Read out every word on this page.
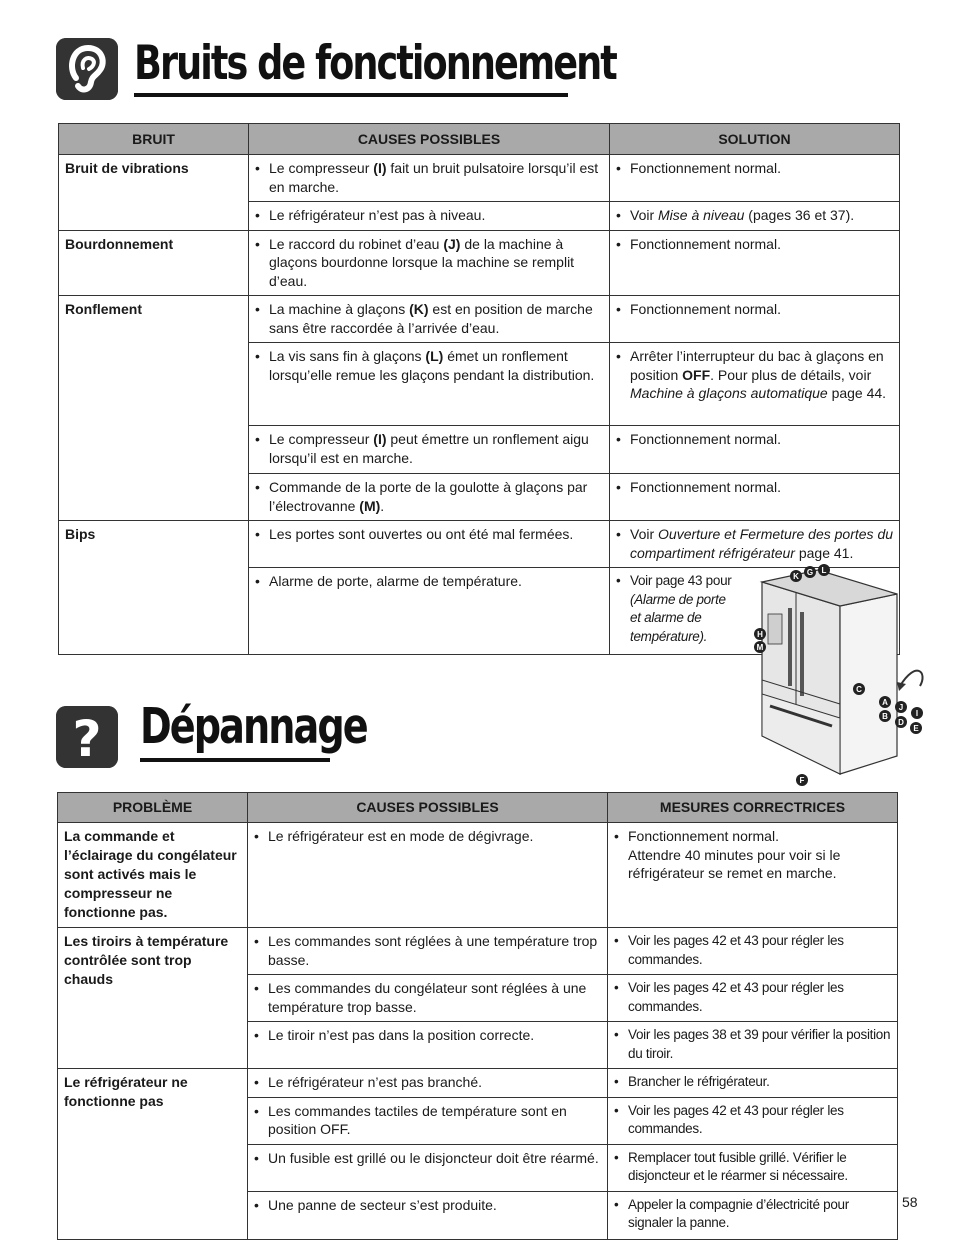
Bruits de fonctionnement
BRUIT	CAUSES POSSIBLES	SOLUTION
Bruit de vibrations	• Le compresseur (I) fait un bruit pulsatoire lorsqu’il est en marche.	• Fonctionnement normal.

	• Le réfrigérateur n’est pas à niveau.	• Voir Mise à niveau (pages 36 et 37).

Bourdonnement	• Le raccord du robinet d’eau (J) de la machine à glaçons bourdonne lorsque la machine se remplit d’eau.	• Fonctionnement normal.

Ronflement	• La machine à glaçons (K) est en position de marche sans être raccordée à l’arrivée d’eau.	• Fonctionnement normal.

	• La vis sans fin à glaçons (L) émet un ronflement lorsqu’elle remue les glaçons pendant la distribution.	• Arrêter l’interrupteur du bac à glaçons en position OFF. Pour plus de détails, voir Machine à glaçons automatique page 44.

	• Le compresseur (I) peut émettre un ronflement aigu lorsqu’il est en marche.	• Fonctionnement normal.

	• Commande de la porte de la goulotte à glaçons par l’électrovanne (M).	• Fonctionnement normal.

Bips	• Les portes sont ouvertes ou ont été mal fermées.	• Voir Ouverture et Fermeture des portes du compartiment réfrigérateur page 41.

	• Alarme de porte, alarme de température.	• Voir page 43 pour (Alarme de porte et alarme de température).
K G L
H
M
C
A
J
I
B
D
E
F
? Dépannage
PROBLÈME	CAUSES POSSIBLES	MESURES CORRECTRICES
La commande et l’éclairage du congélateur sont activés mais le compresseur ne fonctionne pas.	• Le réfrigérateur est en mode de dégivrage.	• Fonctionnement normal.
Attendre 40 minutes pour voir si le réfrigérateur se remet en marche.

Les tiroirs à température contrôlée sont trop chauds	• Les commandes sont réglées à une température trop basse.	• Voir les pages 42 et 43 pour régler les commandes.

	• Les commandes du congélateur sont réglées à une température trop basse.	• Voir les pages 42 et 43 pour régler les commandes.

	• Le tiroir n’est pas dans la position correcte.	• Voir les pages 38 et 39 pour vérifier la position du tiroir.

Le réfrigérateur ne fonctionne pas	• Le réfrigérateur n’est pas branché.	• Brancher le réfrigérateur.

	• Les commandes tactiles de température sont en position OFF.	• Voir les pages 42 et 43 pour régler les commandes.

	• Un fusible est grillé ou le disjoncteur doit être réarmé.	• Remplacer tout fusible grillé. Vérifier le disjoncteur et le réarmer si nécessaire.

	• Une panne de secteur s’est produite.	• Appeler la compagnie d’électricité pour signaler la panne.
58
